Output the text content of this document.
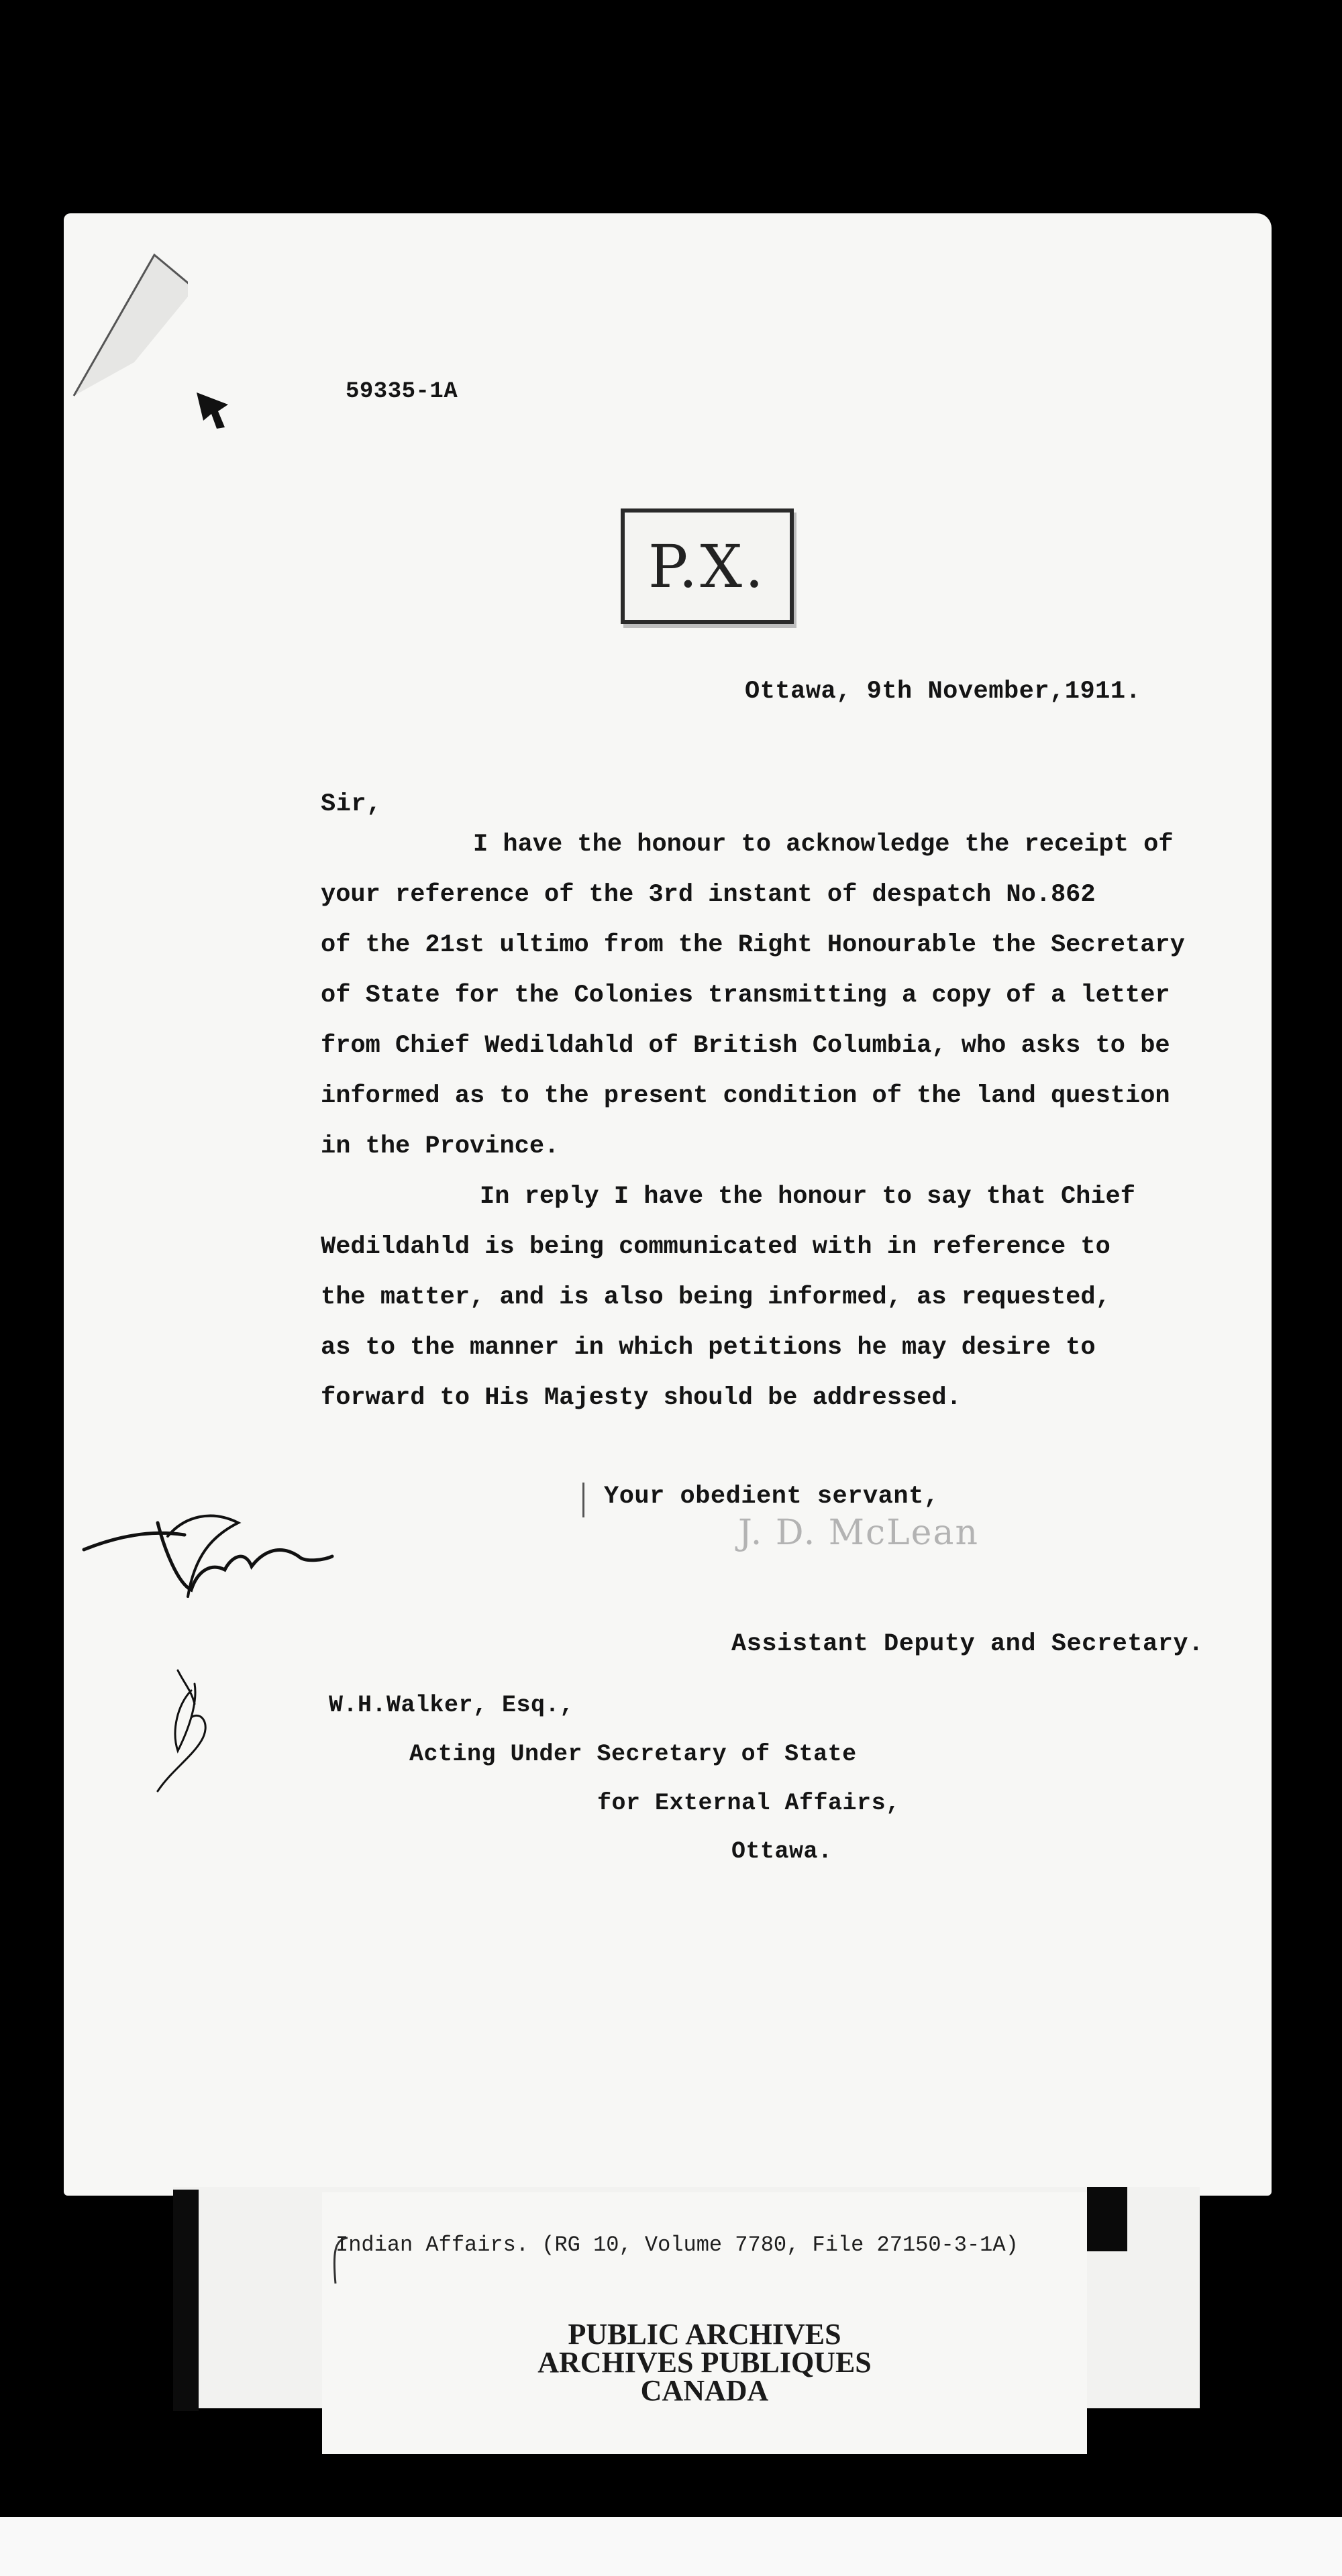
59335-1A
P.X.
Ottawa, 9th November,1911.
Sir,
I have the honour to acknowledge the receipt of
your reference of the 3rd instant of despatch No.862
of the 21st ultimo from the Right Honourable the Secretary
of State for the Colonies transmitting a copy of a letter
from Chief Wedildahld of British Columbia, who asks to be
informed as to the present condition of the land question
in the Province.
In reply I have the honour to say that Chief
Wedildahld is being communicated with in reference to
the matter, and is also being informed, as requested,
as to the manner in which petitions he may desire to
forward to His Majesty should be addressed.
Your obedient servant,
J. D. McLean
Assistant Deputy and Secretary.
W.H.Walker, Esq.,
Acting Under Secretary of State
for External Affairs,
Ottawa.
Indian Affairs. (RG 10, Volume 7780, File 27150-3-1A)
PUBLIC ARCHIVES
ARCHIVES PUBLIQUES
CANADA
